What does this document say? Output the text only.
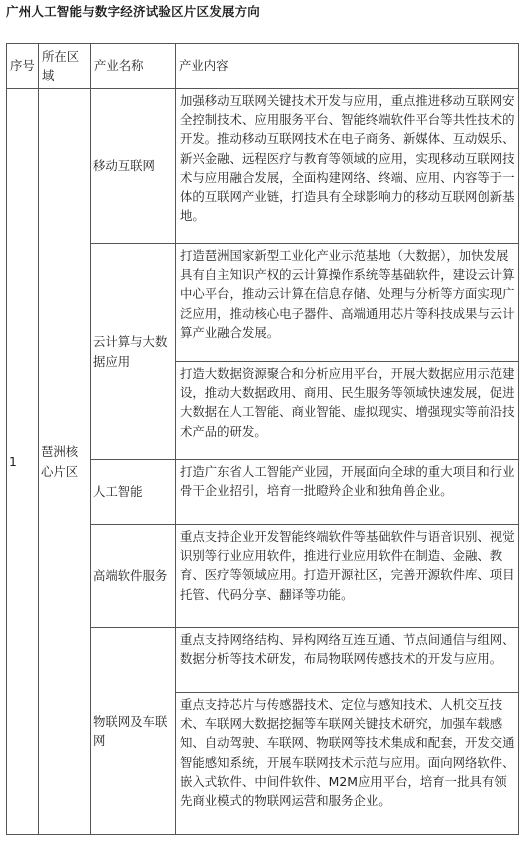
广州人工智能与数字经济试验区片区发展方向
序号	所在区域	产业名称	产业内容
1	琶洲核心片区	移动互联网	加强移动互联网关键技术开发与应用，重点推进移动互联网安全控制技术、应用服务平台、智能终端软件平台等共性技术的开发。推动移动互联网技术在电子商务、新媒体、互动娱乐、新兴金融、远程医疗与教育等领域的应用，实现移动互联网技术与应用融合发展，全面构建网络、终端、应用、内容等于一体的互联网产业链，打造具有全球影响力的移动互联网创新基地。
		云计算与大数据应用	打造琶洲国家新型工业化产业示范基地（大数据），加快发展具有自主知识产权的云计算操作系统等基础软件，建设云计算中心平台，推动云计算在信息存储、处理与分析等方面实现广泛应用，推动核心电子器件、高端通用芯片等科技成果与云计算产业融合发展。
			打造大数据资源聚合和分析应用平台，开展大数据应用示范建设，推动大数据政用、商用、民生服务等领域快速发展，促进大数据在人工智能、商业智能、虚拟现实、增强现实等前沿技术产品的研发。
		人工智能	打造广东省人工智能产业园，开展面向全球的重大项目和行业骨干企业招引，培育一批瞪羚企业和独角兽企业。
		高端软件服务	重点支持企业开发智能终端软件等基础软件与语音识别、视觉识别等行业应用软件，推进行业应用软件在制造、金融、教育、医疗等领域应用。打造开源社区，完善开源软件库、项目托管、代码分享、翻译等功能。
		物联网及车联网	重点支持网络结构、异构网络互连互通、节点间通信与组网、数据分析等技术研发，布局物联网传感技术的开发与应用。
			重点支持芯片与传感器技术、定位与感知技术、人机交互技术、车联网大数据挖掘等车联网关键技术研究，加强车载感知、自动驾驶、车联网、物联网等技术集成和配套，开发交通智能感知系统，开展车联网技术示范与应用。面向网络软件、嵌入式软件、中间件软件、M2M应用平台，培育一批具有领先商业模式的物联网运营和服务企业。
